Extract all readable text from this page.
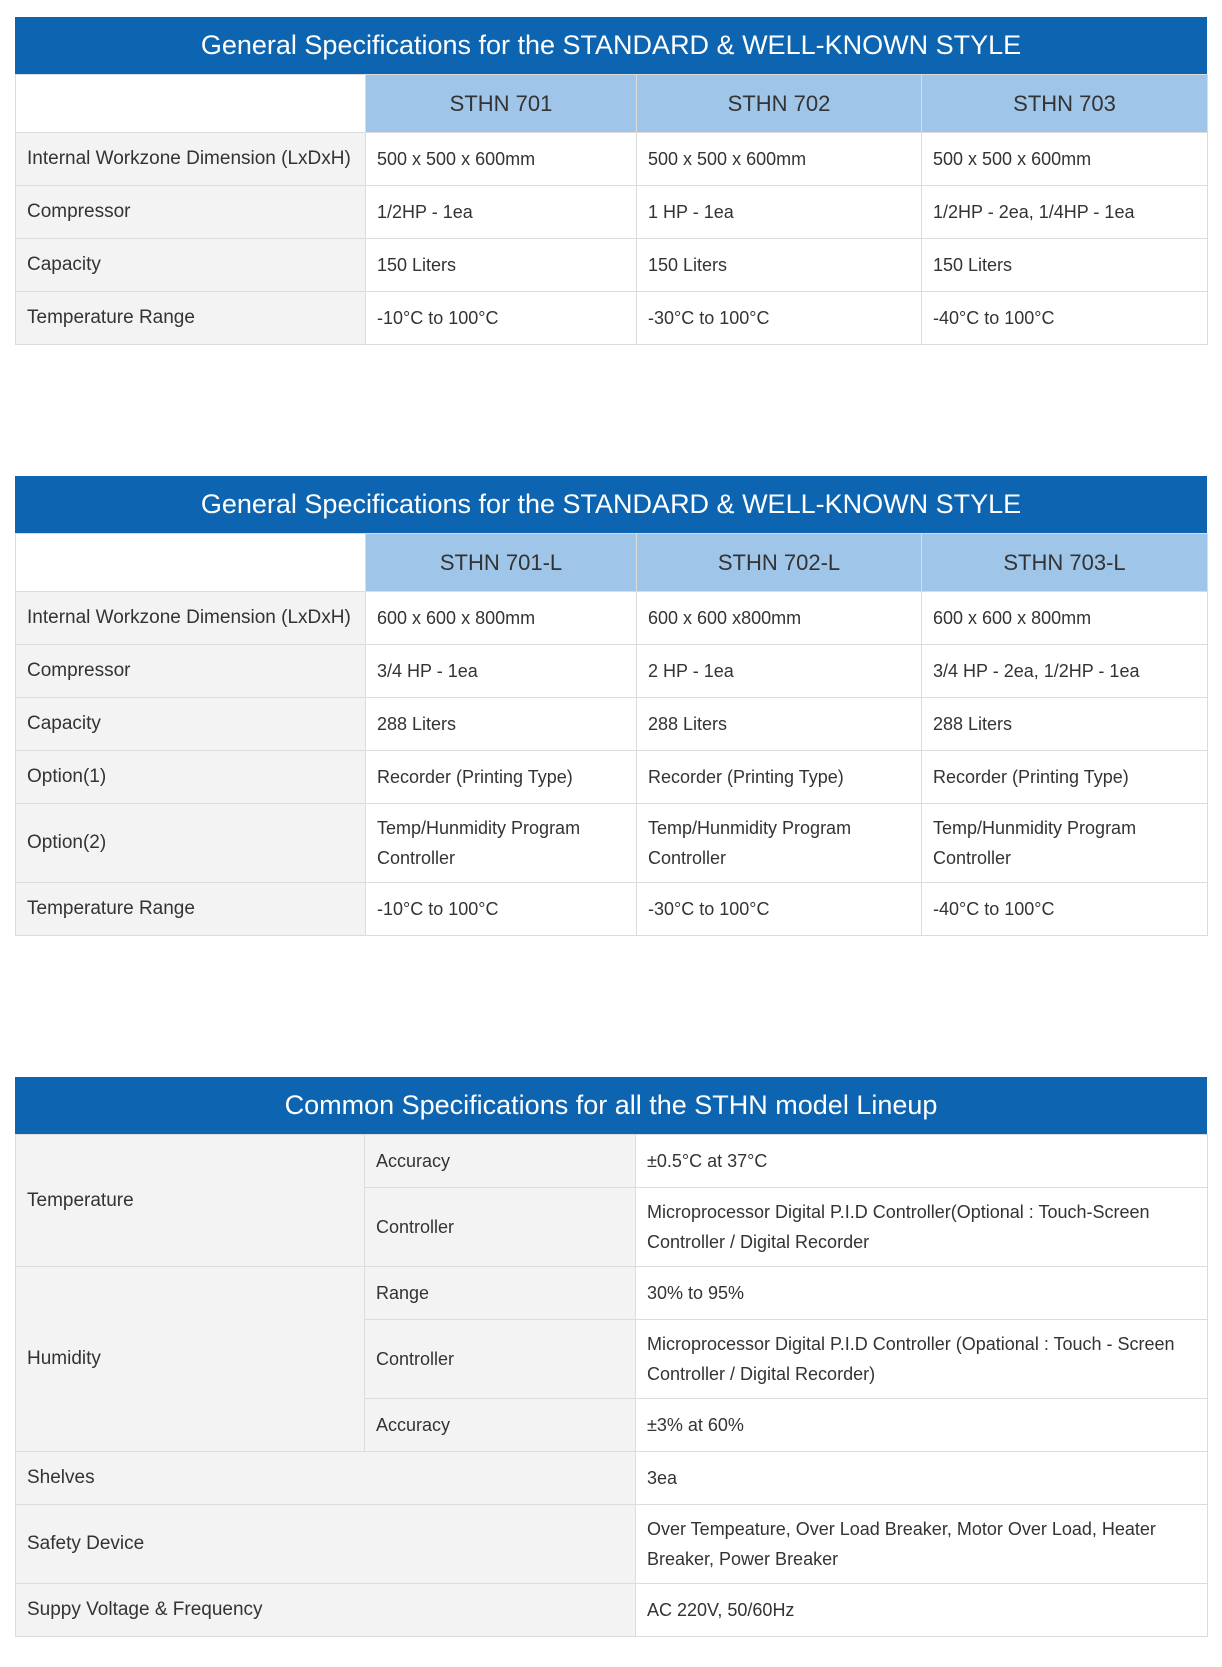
General Specifications for the STANDARD & WELL-KNOWN STYLE
	STHN 701	STHN 702	STHN 703
Internal Workzone Dimension (LxDxH)	500 x 500 x 600mm	500 x 500 x 600mm	500 x 500 x 600mm
Compressor	1/2HP - 1ea	1 HP - 1ea	1/2HP - 2ea, 1/4HP - 1ea
Capacity	150 Liters	150 Liters	150 Liters
Temperature Range	-10°C to 100°C	-30°C to 100°C	-40°C to 100°C
General Specifications for the STANDARD & WELL-KNOWN STYLE
	STHN 701-L	STHN 702-L	STHN 703-L
Internal Workzone Dimension (LxDxH)	600 x 600 x 800mm	600 x 600 x800mm	600 x 600 x 800mm
Compressor	3/4 HP - 1ea	2 HP - 1ea	3/4 HP - 2ea, 1/2HP - 1ea
Capacity	288 Liters	288 Liters	288 Liters
Option(1)	Recorder (Printing Type)	Recorder (Printing Type)	Recorder (Printing Type)
Option(2)	Temp/Hunmidity Program Controller	Temp/Hunmidity Program Controller	Temp/Hunmidity Program Controller
Temperature Range	-10°C to 100°C	-30°C to 100°C	-40°C to 100°C
Common Specifications for all the STHN model Lineup
Temperature	Accuracy	±0.5°C at 37°C
	Controller	Microprocessor Digital P.I.D Controller(Optional : Touch-Screen Controller / Digital Recorder
Humidity	Range	30% to 95%
	Controller	Microprocessor Digital P.I.D Controller (Opational : Touch - Screen Controller / Digital Recorder)
	Accuracy	±3% at 60%
Shelves		3ea
Safety Device		Over Tempeature, Over Load Breaker, Motor Over Load, Heater Breaker, Power Breaker
Suppy Voltage & Frequency		AC 220V, 50/60Hz
